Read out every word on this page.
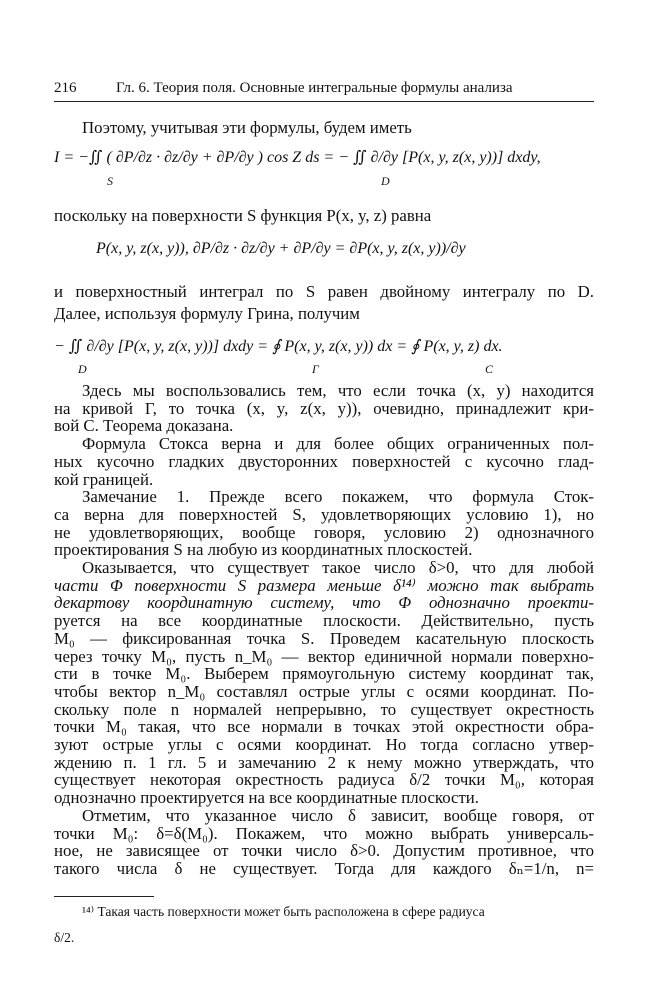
216	Гл. 6. Теория поля. Основные интегральные формулы анализа
Поэтому, учитывая эти формулы, будем иметь
I = −∬ ( ∂P/∂z · ∂z/∂y + ∂P/∂y ) cos Z ds = − ∬ ∂/∂y [P(x, y, z(x, y))] dxdy,
S	D
поскольку на поверхности S функция P(x, y, z) равна
P(x, y, z(x, y)), ∂P/∂z · ∂z/∂y + ∂P/∂y = ∂P(x, y, z(x, y))/∂y
и поверхностный интеграл по S равен двойному интегралу по D.
Далее, используя формулу Грина, получим
− ∬ ∂/∂y [P(x, y, z(x, y))] dxdy = ∮ P(x, y, z(x, y)) dx = ∮ P(x, y, z) dx.
D	Γ	C
Здесь мы воспользовались тем, что если точка (x, y) находится
на кривой Г, то точка (x, y, z(x, y)), очевидно, принадлежит кри-
вой C. Теорема доказана.
Формула Стокса верна и для более общих ограниченных пол-
ных кусочно гладких двусторонних поверхностей с кусочно глад-
кой границей.
Замечание 1. Прежде всего покажем, что формула Сток-
са верна для поверхностей S, удовлетворяющих условию 1), но
не удовлетворяющих, вообще говоря, условию 2) однозначного
проектирования S на любую из координатных плоскостей.
Оказывается, что существует такое число δ>0, что для любой
части Φ поверхности S размера меньше δ¹⁴⁾ можно так выбрать
декартову координатную систему, что Φ однозначно проекти-
руется на все координатные плоскости. Действительно, пусть
M₀ — фиксированная точка S. Проведем касательную плоскость
через точку M₀, пусть n_M₀ — вектор единичной нормали поверхно-
сти в точке M₀. Выберем прямоугольную систему координат так,
чтобы вектор n_M₀ составлял острые углы с осями координат. По-
скольку поле n нормалей непрерывно, то существует окрестность
точки M₀ такая, что все нормали в точках этой окрестности обра-
зуют острые углы с осями координат. Но тогда согласно утвер-
ждению п. 1 гл. 5 и замечанию 2 к нему можно утверждать, что
существует некоторая окрестность радиуса δ/2 точки M₀, которая
однозначно проектируется на все координатные плоскости.
Отметим, что указанное число δ зависит, вообще говоря, от
точки M₀: δ=δ(M₀). Покажем, что можно выбрать универсаль-
ное, не зависящее от точки число δ>0. Допустим противное, что
такого числа δ не существует. Тогда для каждого δₙ=1/n, n=
¹⁴⁾ Такая часть поверхности может быть расположена в сфере радиуса
δ/2.
